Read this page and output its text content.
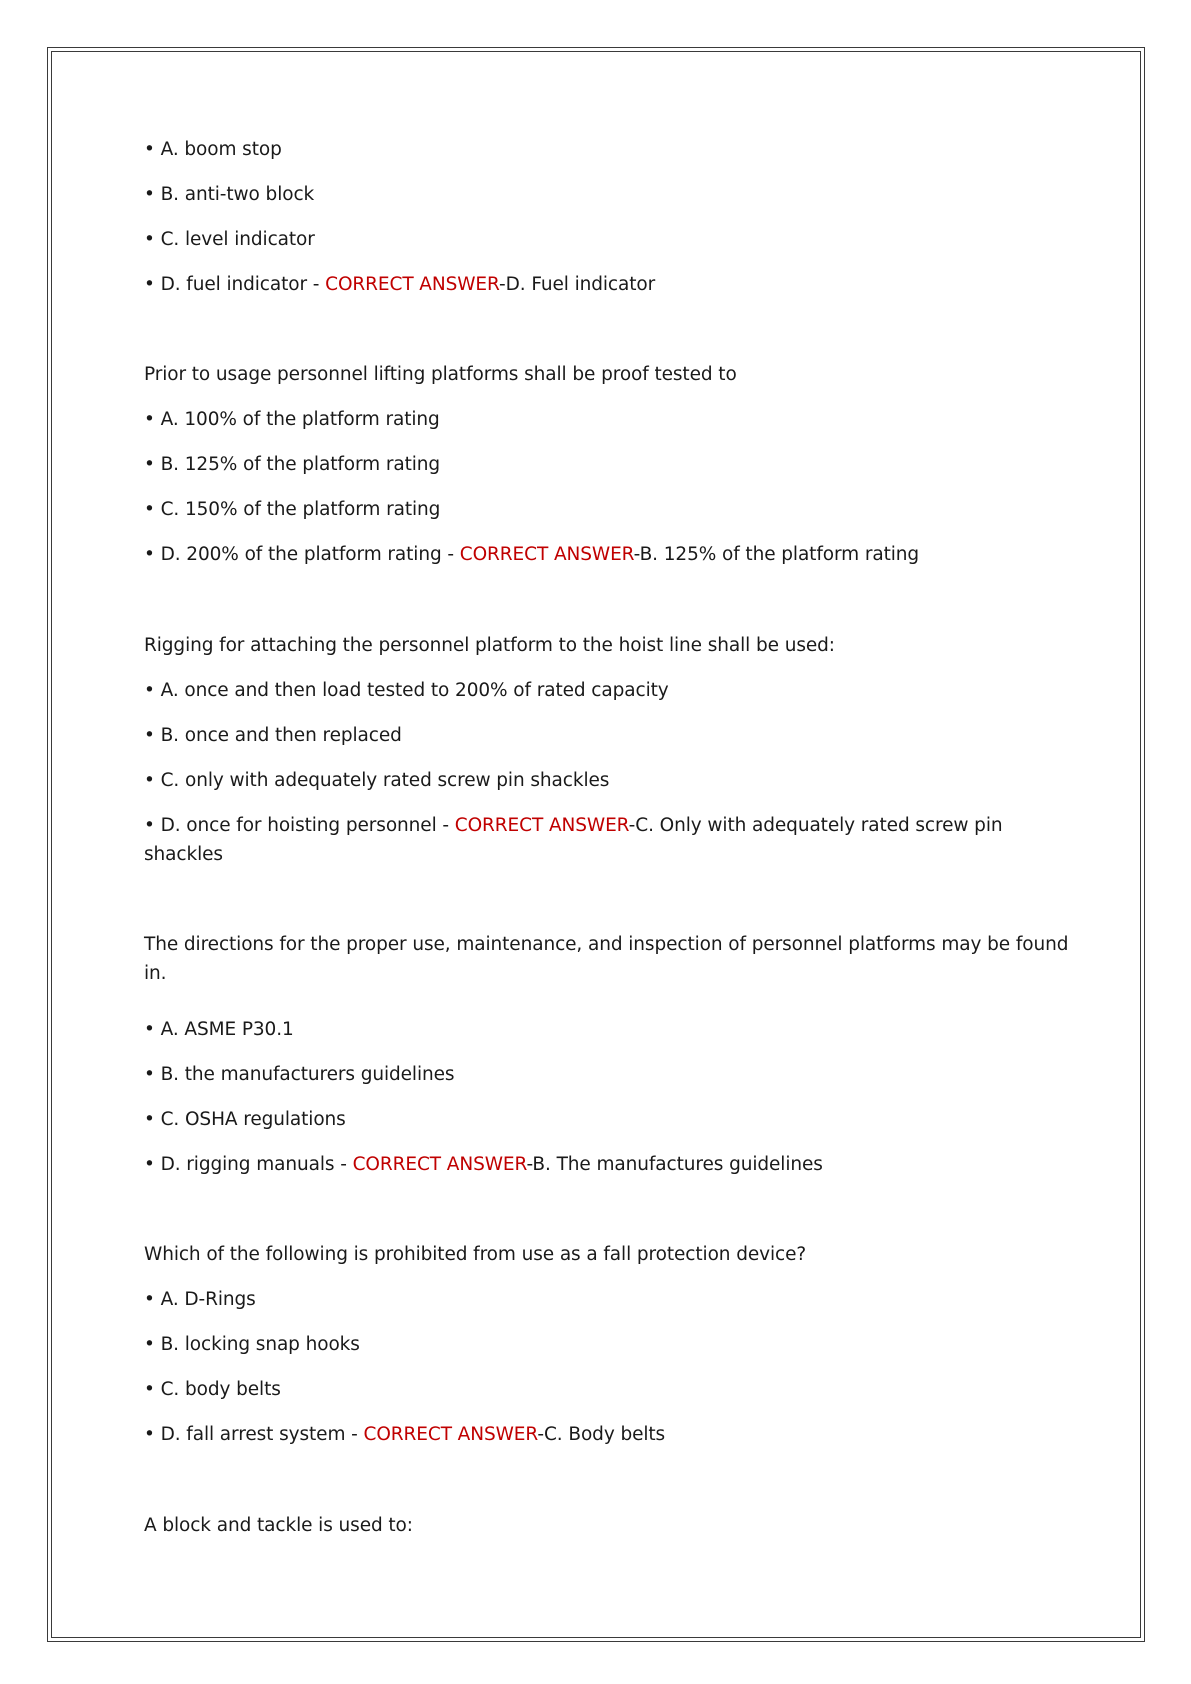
• A. boom stop
• B. anti-two block
• C. level indicator
• D. fuel indicator - CORRECT ANSWER-D. Fuel indicator
Prior to usage personnel lifting platforms shall be proof tested to
• A. 100% of the platform rating
• B. 125% of the platform rating
• C. 150% of the platform rating
• D. 200% of the platform rating - CORRECT ANSWER-B. 125% of the platform rating
Rigging for attaching the personnel platform to the hoist line shall be used:
• A. once and then load tested to 200% of rated capacity
• B. once and then replaced
• C. only with adequately rated screw pin shackles
• D. once for hoisting personnel - CORRECT ANSWER-C. Only with adequately rated screw pin shackles
The directions for the proper use, maintenance, and inspection of personnel platforms may be found in.
• A. ASME P30.1
• B. the manufacturers guidelines
• C. OSHA regulations
• D. rigging manuals - CORRECT ANSWER-B. The manufactures guidelines
Which of the following is prohibited from use as a fall protection device?
• A. D-Rings
• B. locking snap hooks
• C. body belts
• D. fall arrest system - CORRECT ANSWER-C. Body belts
A block and tackle is used to:
